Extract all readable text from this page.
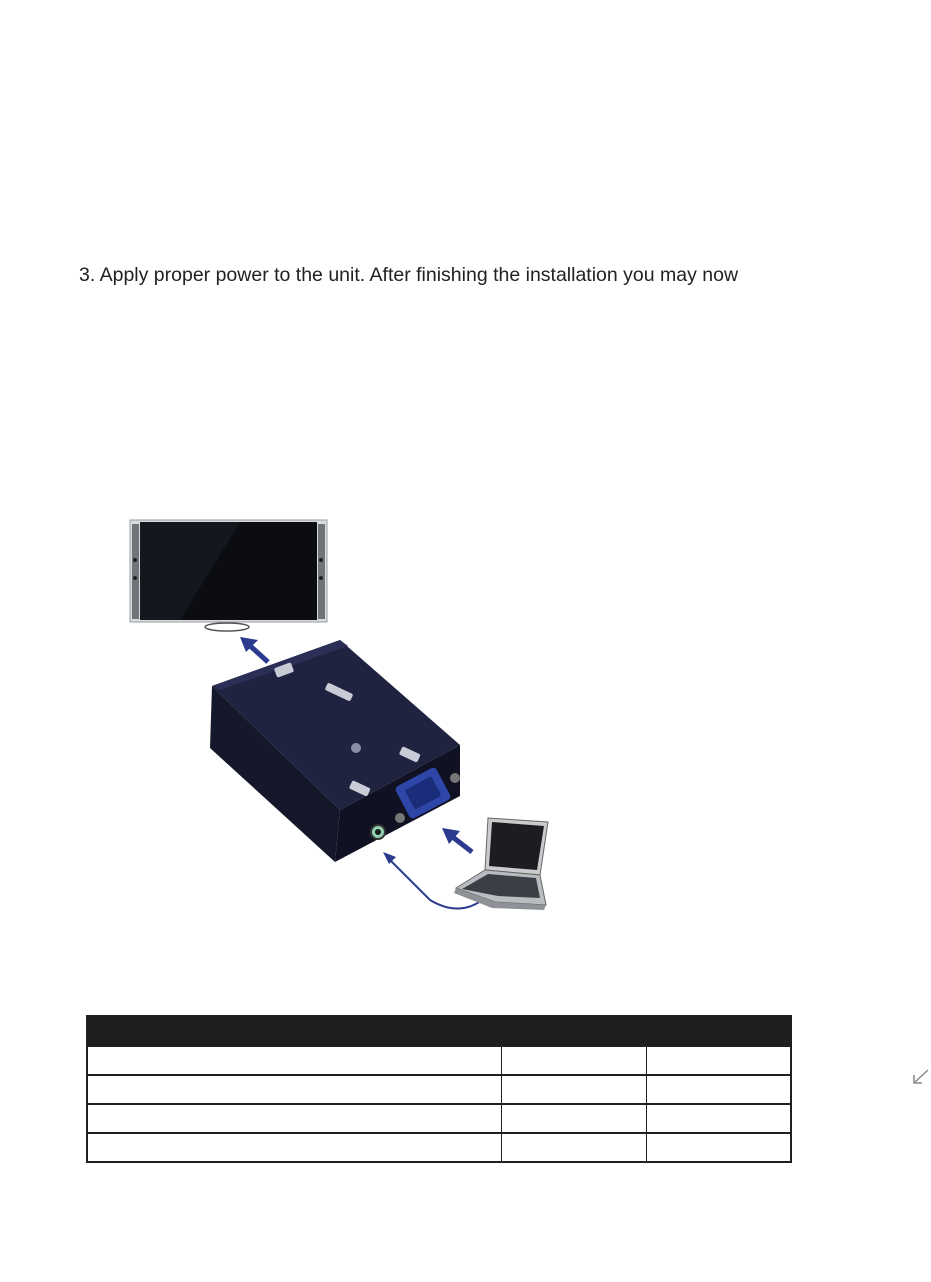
3. Apply proper power to the unit. After finishing the installation you may now
